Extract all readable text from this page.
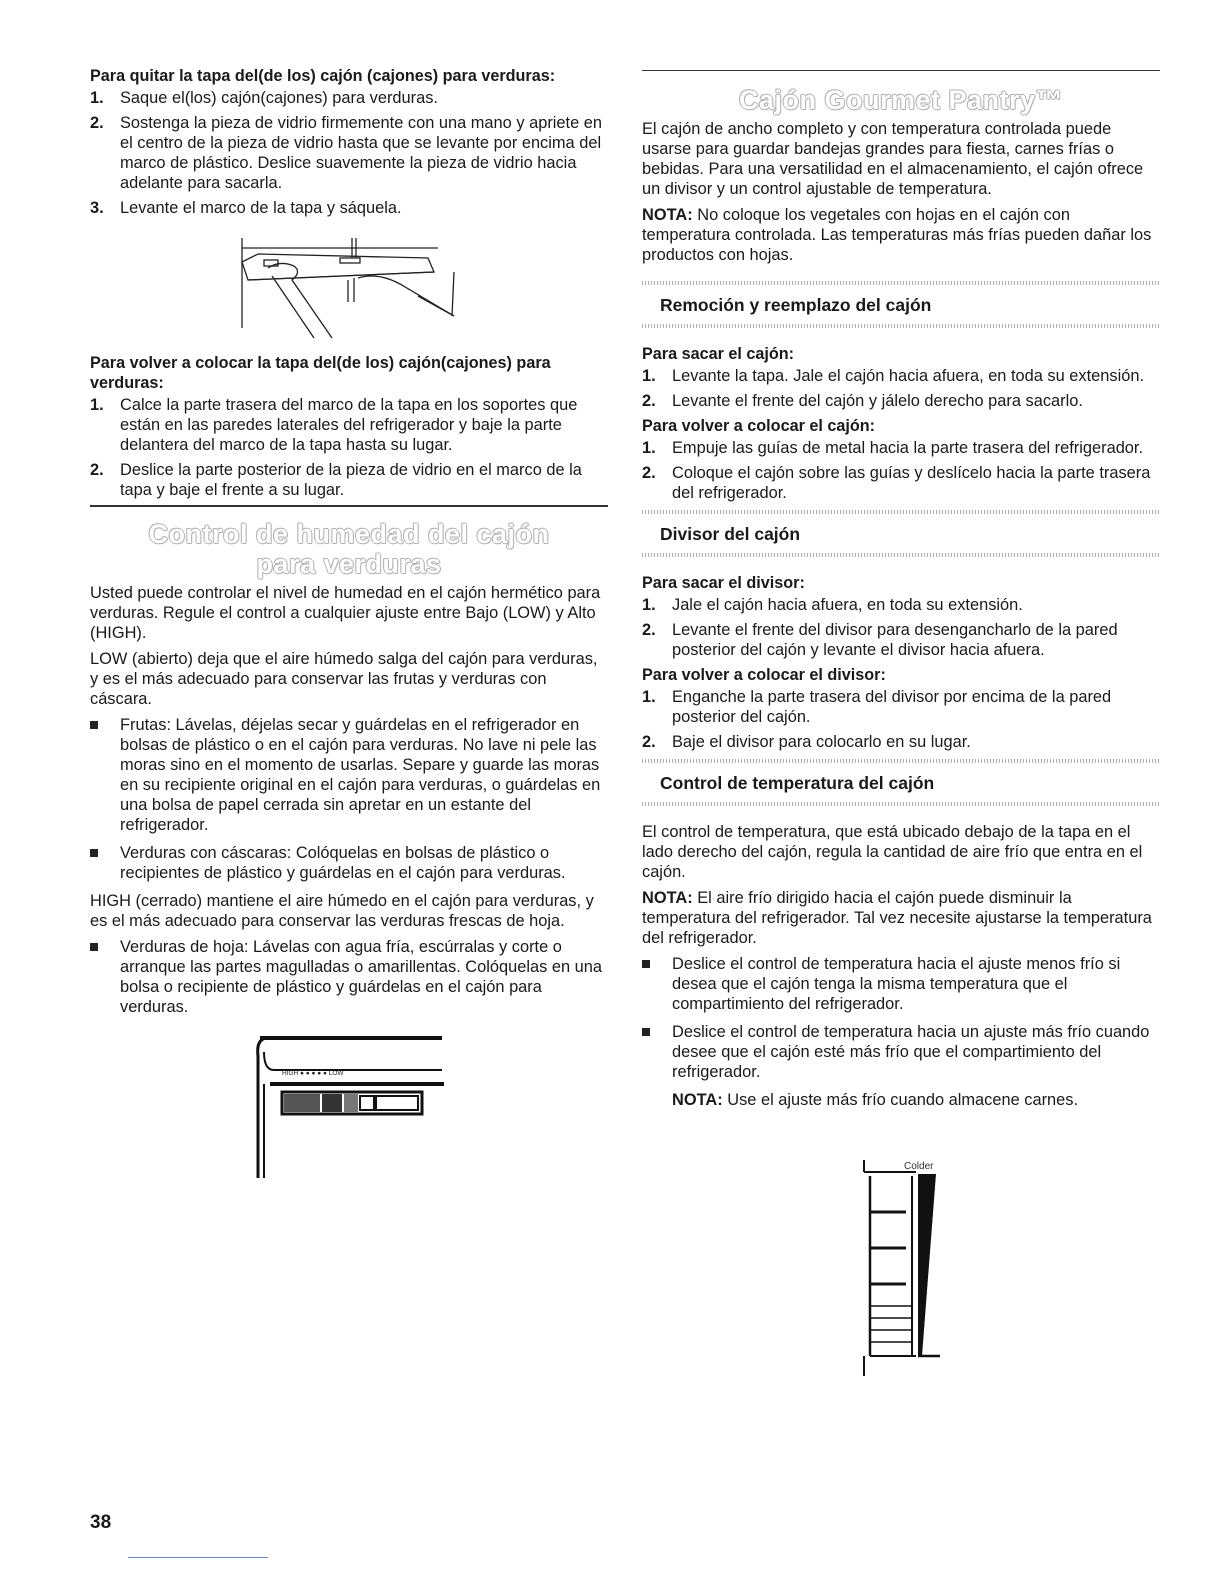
Para quitar la tapa del(de los) cajón (cajones) para verduras:
1. Saque el(los) cajón(cajones) para verduras.
2. Sostenga la pieza de vidrio firmemente con una mano y apriete en el centro de la pieza de vidrio hasta que se levante por encima del marco de plástico. Deslice suavemente la pieza de vidrio hacia adelante para sacarla.
3. Levante el marco de la tapa y sáquela.
Para volver a colocar la tapa del(de los) cajón(cajones) para verduras:
1. Calce la parte trasera del marco de la tapa en los soportes que están en las paredes laterales del refrigerador y baje la parte delantera del marco de la tapa hasta su lugar.
2. Deslice la parte posterior de la pieza de vidrio en el marco de la tapa y baje el frente a su lugar.
Control de humedad del cajón para verduras

Usted puede controlar el nivel de humedad en el cajón hermético para verduras. Regule el control a cualquier ajuste entre Bajo (LOW) y Alto (HIGH).

LOW (abierto) deja que el aire húmedo salga del cajón para verduras, y es el más adecuado para conservar las frutas y verduras con cáscara.

Frutas: Lávelas, déjelas secar y guárdelas en el refrigerador en bolsas de plástico o en el cajón para verduras. No lave ni pele las moras sino en el momento de usarlas. Separe y guarde las moras en su recipiente original en el cajón para verduras, o guárdelas en una bolsa de papel cerrada sin apretar en un estante del refrigerador.
Verduras con cáscaras: Colóquelas en bolsas de plástico o recipientes de plástico y guárdelas en el cajón para verduras.

HIGH (cerrado) mantiene el aire húmedo en el cajón para verduras, y es el más adecuado para conservar las verduras frescas de hoja.

Verduras de hoja: Lávelas con agua fría, escúrralas y corte o arranque las partes magulladas o amarillentas. Colóquelas en una bolsa o recipiente de plástico y guárdelas en el cajón para verduras.
HIGH ● ● ● ● ● LOW
Cajón Gourmet Pantry™

El cajón de ancho completo y con temperatura controlada puede usarse para guardar bandejas grandes para fiesta, carnes frías o bebidas. Para una versatilidad en el almacenamiento, el cajón ofrece un divisor y un control ajustable de temperatura.

NOTA: No coloque los vegetales con hojas en el cajón con temperatura controlada. Las temperaturas más frías pueden dañar los productos con hojas.

Remoción y reemplazo del cajón
Para sacar el cajón:
1. Levante la tapa. Jale el cajón hacia afuera, en toda su extensión.
2. Levante el frente del cajón y jálelo derecho para sacarlo.
Para volver a colocar el cajón:
1. Empuje las guías de metal hacia la parte trasera del refrigerador.
2. Coloque el cajón sobre las guías y deslícelo hacia la parte trasera del refrigerador.
Divisor del cajón
Para sacar el divisor:
1. Jale el cajón hacia afuera, en toda su extensión.
2. Levante el frente del divisor para desengancharlo de la pared posterior del cajón y levante el divisor hacia afuera.
Para volver a colocar el divisor:
1. Enganche la parte trasera del divisor por encima de la pared posterior del cajón.
2. Baje el divisor para colocarlo en su lugar.
Control de temperatura del cajón

El control de temperatura, que está ubicado debajo de la tapa en el lado derecho del cajón, regula la cantidad de aire frío que entra en el cajón.

NOTA: El aire frío dirigido hacia el cajón puede disminuir la temperatura del refrigerador. Tal vez necesite ajustarse la temperatura del refrigerador.

Deslice el control de temperatura hacia el ajuste menos frío si desea que el cajón tenga la misma temperatura que el compartimiento del refrigerador.
Deslice el control de temperatura hacia un ajuste más frío cuando desee que el cajón esté más frío que el compartimiento del refrigerador.

NOTA: Use el ajuste más frío cuando almacene carnes.

Colder
38
